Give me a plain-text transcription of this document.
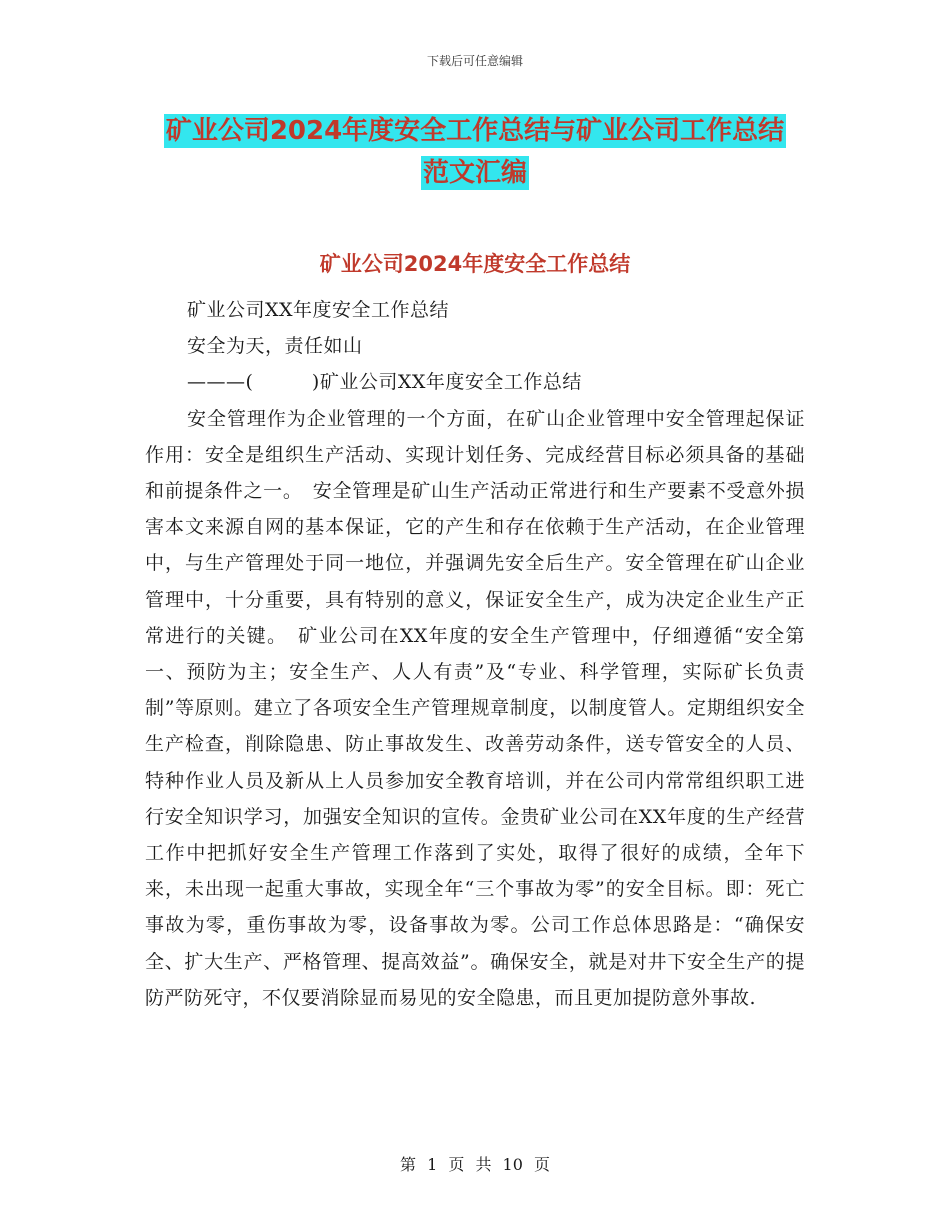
下载后可任意编辑
矿业公司2024年度安全工作总结与矿业公司工作总结
范文汇编
矿业公司2024年度安全工作总结

矿业公司XX年度安全工作总结

安全为天，责任如山

———(　　　)矿业公司XX年度安全工作总结

安全管理作为企业管理的一个方面，在矿山企业管理中安全管理起保证作用：安全是组织生产活动、实现计划任务、完成经营目标必须具备的基础和前提条件之一。　安全管理是矿山生产活动正常进行和生产要素不受意外损害本文来源自网的基本保证，它的产生和存在依赖于生产活动，在企业管理中，与生产管理处于同一地位，并强调先安全后生产。安全管理在矿山企业管理中，十分重要，具有特别的意义，保证安全生产，成为决定企业生产正常进行的关键。　矿业公司在XX年度的安全生产管理中，仔细遵循“安全第一、预防为主；安全生产、人人有责”及“专业、科学管理，实际矿长负责制”等原则。建立了各项安全生产管理规章制度，以制度管人。定期组织安全生产检查，削除隐患、防止事故发生、改善劳动条件，送专管安全的人员、特种作业人员及新从上人员参加安全教育培训，并在公司内常常组织职工进行安全知识学习，加强安全知识的宣传。金贵矿业公司在XX年度的生产经营工作中把抓好安全生产管理工作落到了实处，取得了很好的成绩，全年下来，未出现一起重大事故，实现全年“三个事故为零”的安全目标。即：死亡事故为零，重伤事故为零，设备事故为零。公司工作总体思路是：“确保安全、扩大生产、严格管理、提高效益”。确保安全，就是对井下安全生产的提防严防死守，不仅要消除显而易见的安全隐患，而且更加提防意外事故.

第 1 页 共 10 页
